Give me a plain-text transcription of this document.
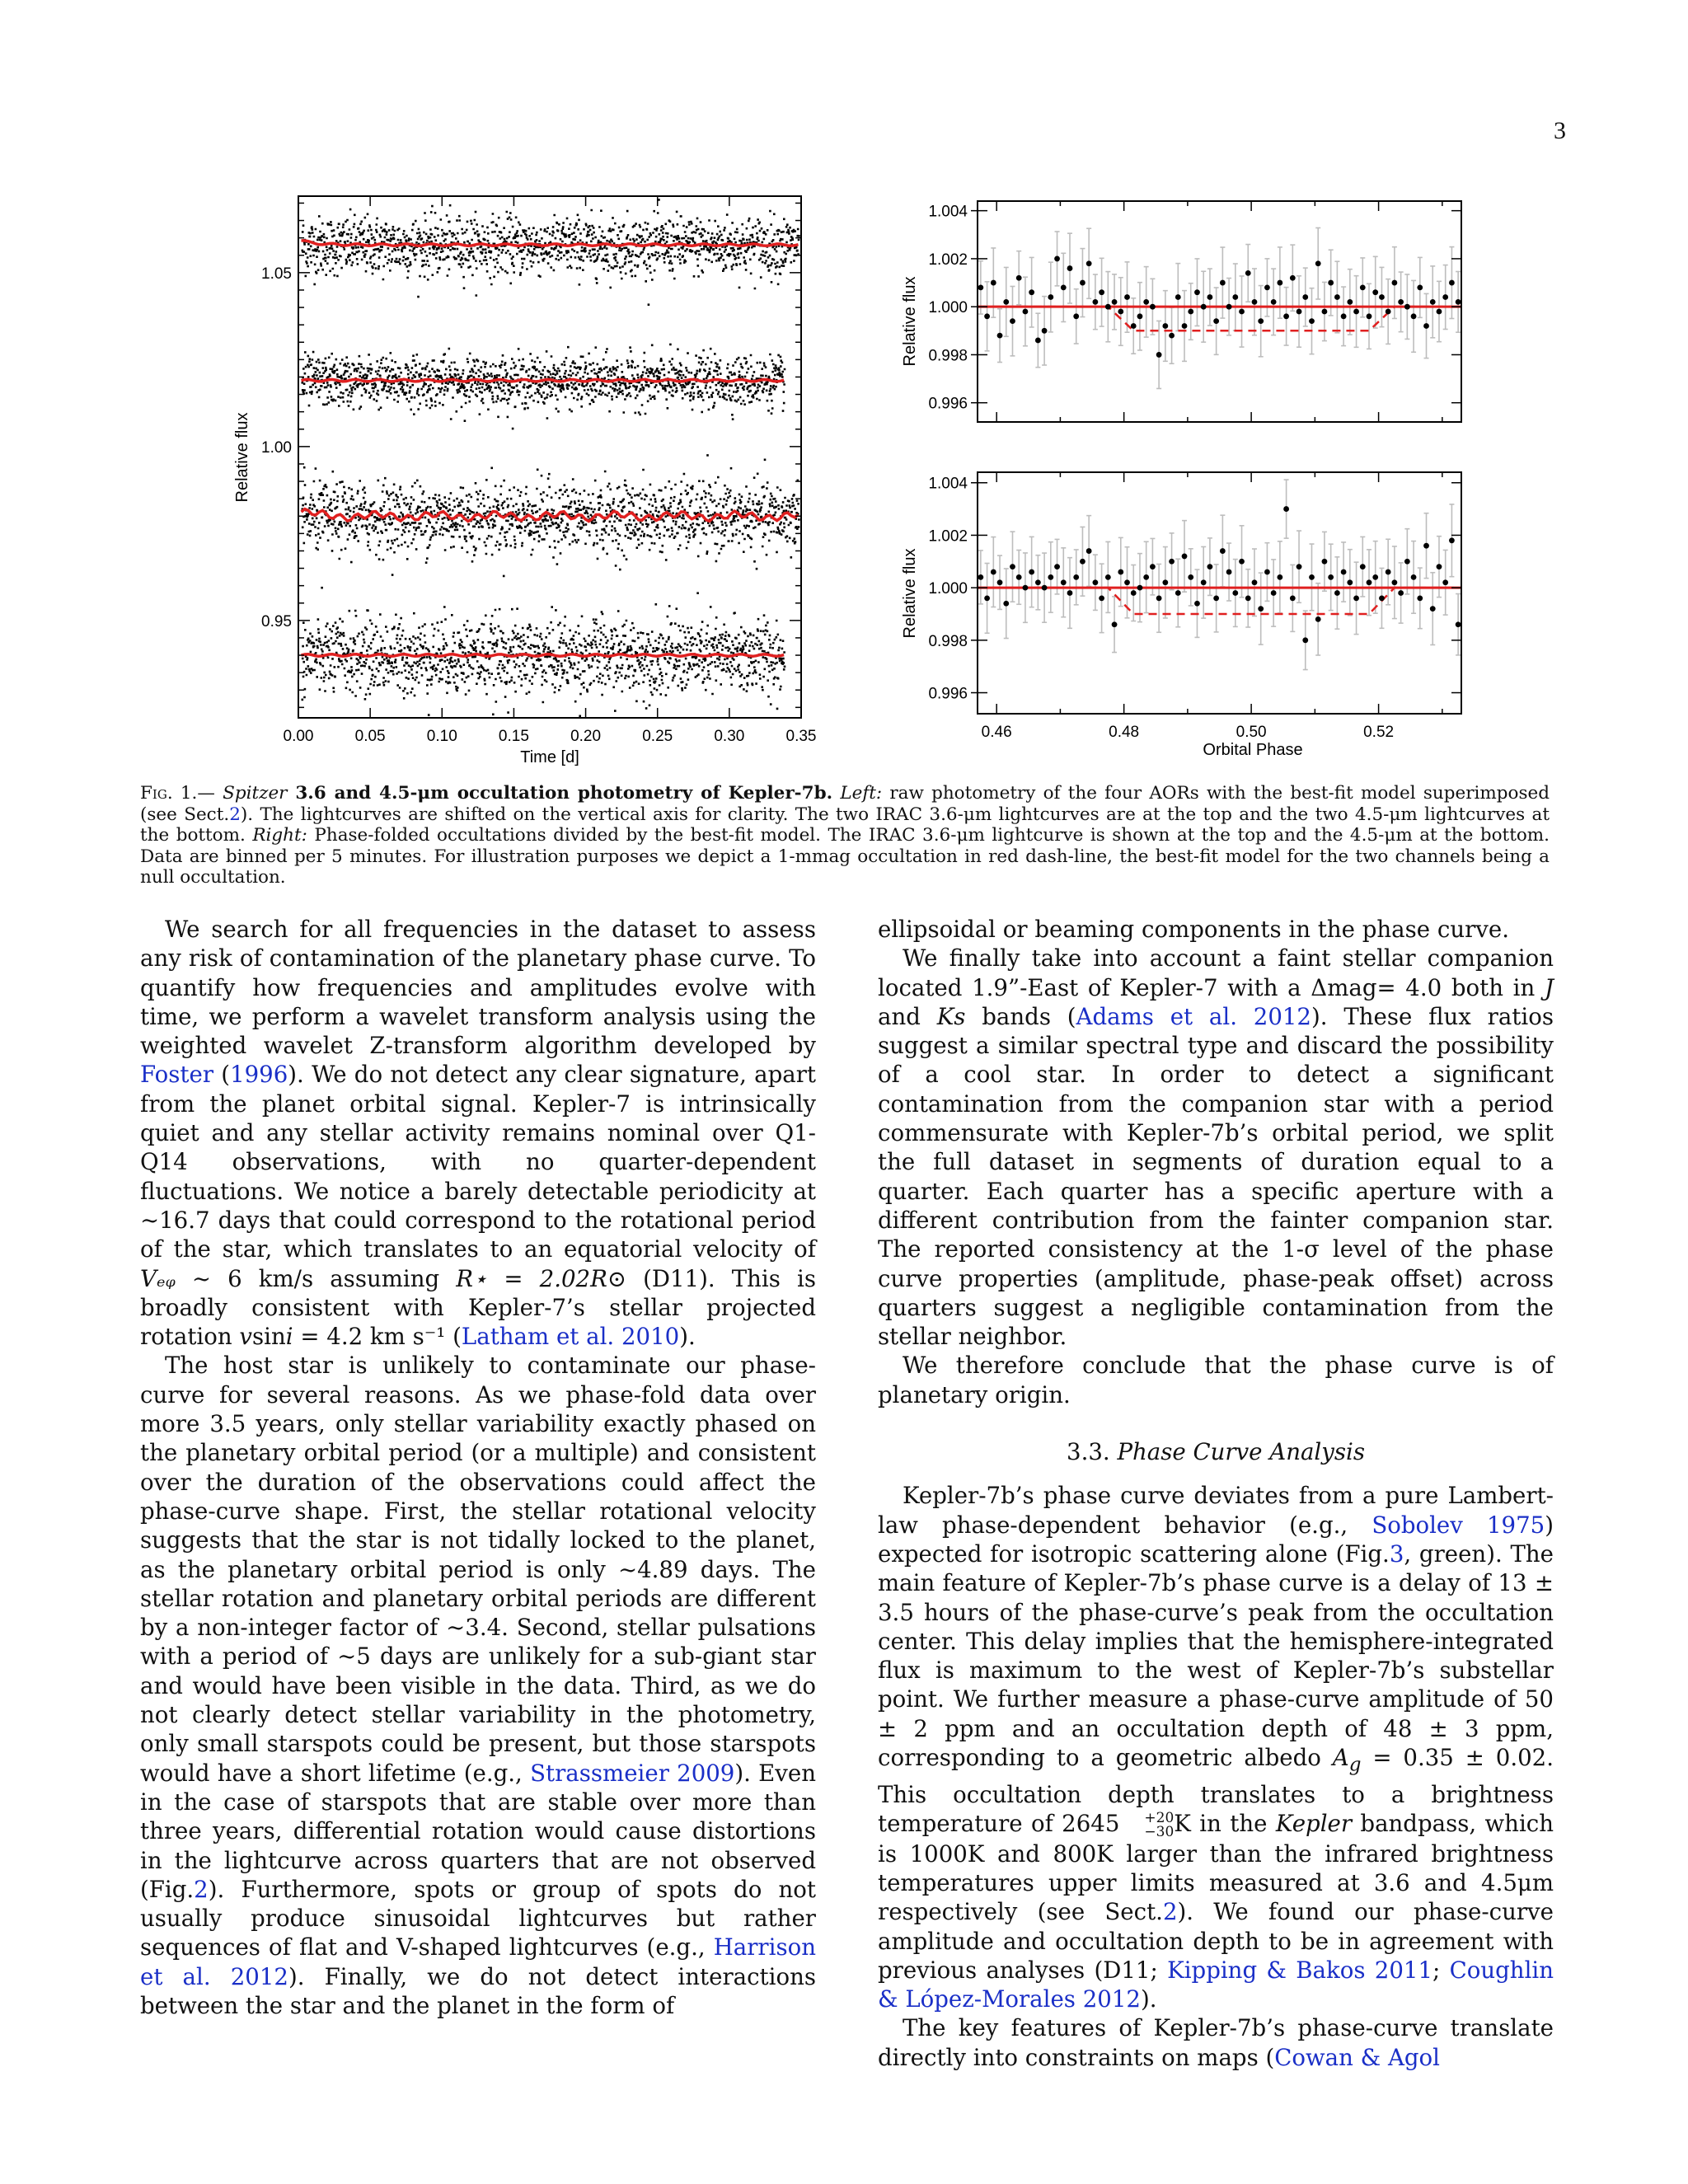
3
0.00	0.05	0.10	0.15	0.20	0.25	0.30	0.35
0.95
1.00
1.05
Time [d]
Relative flux
0.996
0.998
1.000
1.002
1.004
Relative flux
0.996
0.998
1.000
1.002
1.004
0.46	0.48	0.50	0.52
Orbital Phase
Relative flux
Fig. 1.— Spitzer 3.6 and 4.5-μm occultation photometry of Kepler-7b. Left: raw photometry of the four AORs with the best-fit model superimposed (see Sect.2). The lightcurves are shifted on the vertical axis for clarity. The two IRAC 3.6-μm lightcurves are at the top and the two 4.5-μm lightcurves at the bottom. Right: Phase-folded occultations divided by the best-fit model. The IRAC 3.6-μm lightcurve is shown at the top and the 4.5-μm at the bottom. Data are binned per 5 minutes. For illustration purposes we depict a 1-mmag occultation in red dash-line, the best-fit model for the two channels being a null occultation.

We search for all frequencies in the dataset to assess any risk of contamination of the planetary phase curve. To quantify how frequencies and amplitudes evolve with time, we perform a wavelet transform analysis using the weighted wavelet Z-transform algorithm developed by Foster (1996). We do not detect any clear signature, apart from the planet orbital signal. Kepler-7 is intrinsically quiet and any stellar activity remains nominal over Q1-Q14 observations, with no quarter-dependent fluctuations. We notice a barely detectable periodicity at ∼16.7 days that could correspond to the rotational period of the star, which translates to an equatorial velocity of Vₑᵩ ∼ 6 km/s assuming R⋆ = 2.02R⊙ (D11). This is broadly consistent with Kepler-7’s stellar projected rotation vsini = 4.2 km s⁻¹ (Latham et al. 2010).

The host star is unlikely to contaminate our phase-curve for several reasons. As we phase-fold data over more 3.5 years, only stellar variability exactly phased on the planetary orbital period (or a multiple) and consistent over the duration of the observations could affect the phase-curve shape. First, the stellar rotational velocity suggests that the star is not tidally locked to the planet, as the planetary orbital period is only ∼4.89 days. The stellar rotation and planetary orbital periods are different by a non-integer factor of ∼3.4. Second, stellar pulsations with a period of ∼5 days are unlikely for a sub-giant star and would have been visible in the data. Third, as we do not clearly detect stellar variability in the photometry, only small starspots could be present, but those starspots would have a short lifetime (e.g., Strassmeier 2009). Even in the case of starspots that are stable over more than three years, differential rotation would cause distortions in the lightcurve across quarters that are not observed (Fig.2). Furthermore, spots or group of spots do not usually produce sinusoidal lightcurves but rather sequences of flat and V-shaped lightcurves (e.g., Harrison et al. 2012). Finally, we do not detect interactions between the star and the planet in the form of

ellipsoidal or beaming components in the phase curve.

We finally take into account a faint stellar companion located 1.9”-East of Kepler-7 with a Δmag= 4.0 both in J and Ks bands (Adams et al. 2012). These flux ratios suggest a similar spectral type and discard the possibility of a cool star. In order to detect a significant contamination from the companion star with a period commensurate with Kepler-7b’s orbital period, we split the full dataset in segments of duration equal to a quarter. Each quarter has a specific aperture with a different contribution from the fainter companion star. The reported consistency at the 1-σ level of the phase curve properties (amplitude, phase-peak offset) across quarters suggest a negligible contamination from the stellar neighbor.

We therefore conclude that the phase curve is of planetary origin.

3.3. Phase Curve Analysis

Kepler-7b’s phase curve deviates from a pure Lambert-law phase-dependent behavior (e.g., Sobolev 1975) expected for isotropic scattering alone (Fig.3, green). The main feature of Kepler-7b’s phase curve is a delay of 13 ± 3.5 hours of the phase-curve’s peak from the occultation center. This delay implies that the hemisphere-integrated flux is maximum to the west of Kepler-7b’s substellar point. We further measure a phase-curve amplitude of 50 ± 2 ppm and an occultation depth of 48 ± 3 ppm, corresponding to a geometric albedo $A_g = 0.35 \pm 0.02$. This occultation depth translates to a brightness temperature of 2645	+20
−30 K in the Kepler bandpass, which is 1000K and 800K larger than the infrared brightness temperatures upper limits measured at 3.6 and 4.5μm respectively (see Sect.2). We found our phase-curve amplitude and occultation depth to be in agreement with previous analyses (D11; Kipping & Bakos 2011; Coughlin & López-Morales 2012).

The key features of Kepler-7b’s phase-curve translate directly into constraints on maps (Cowan & Agol
